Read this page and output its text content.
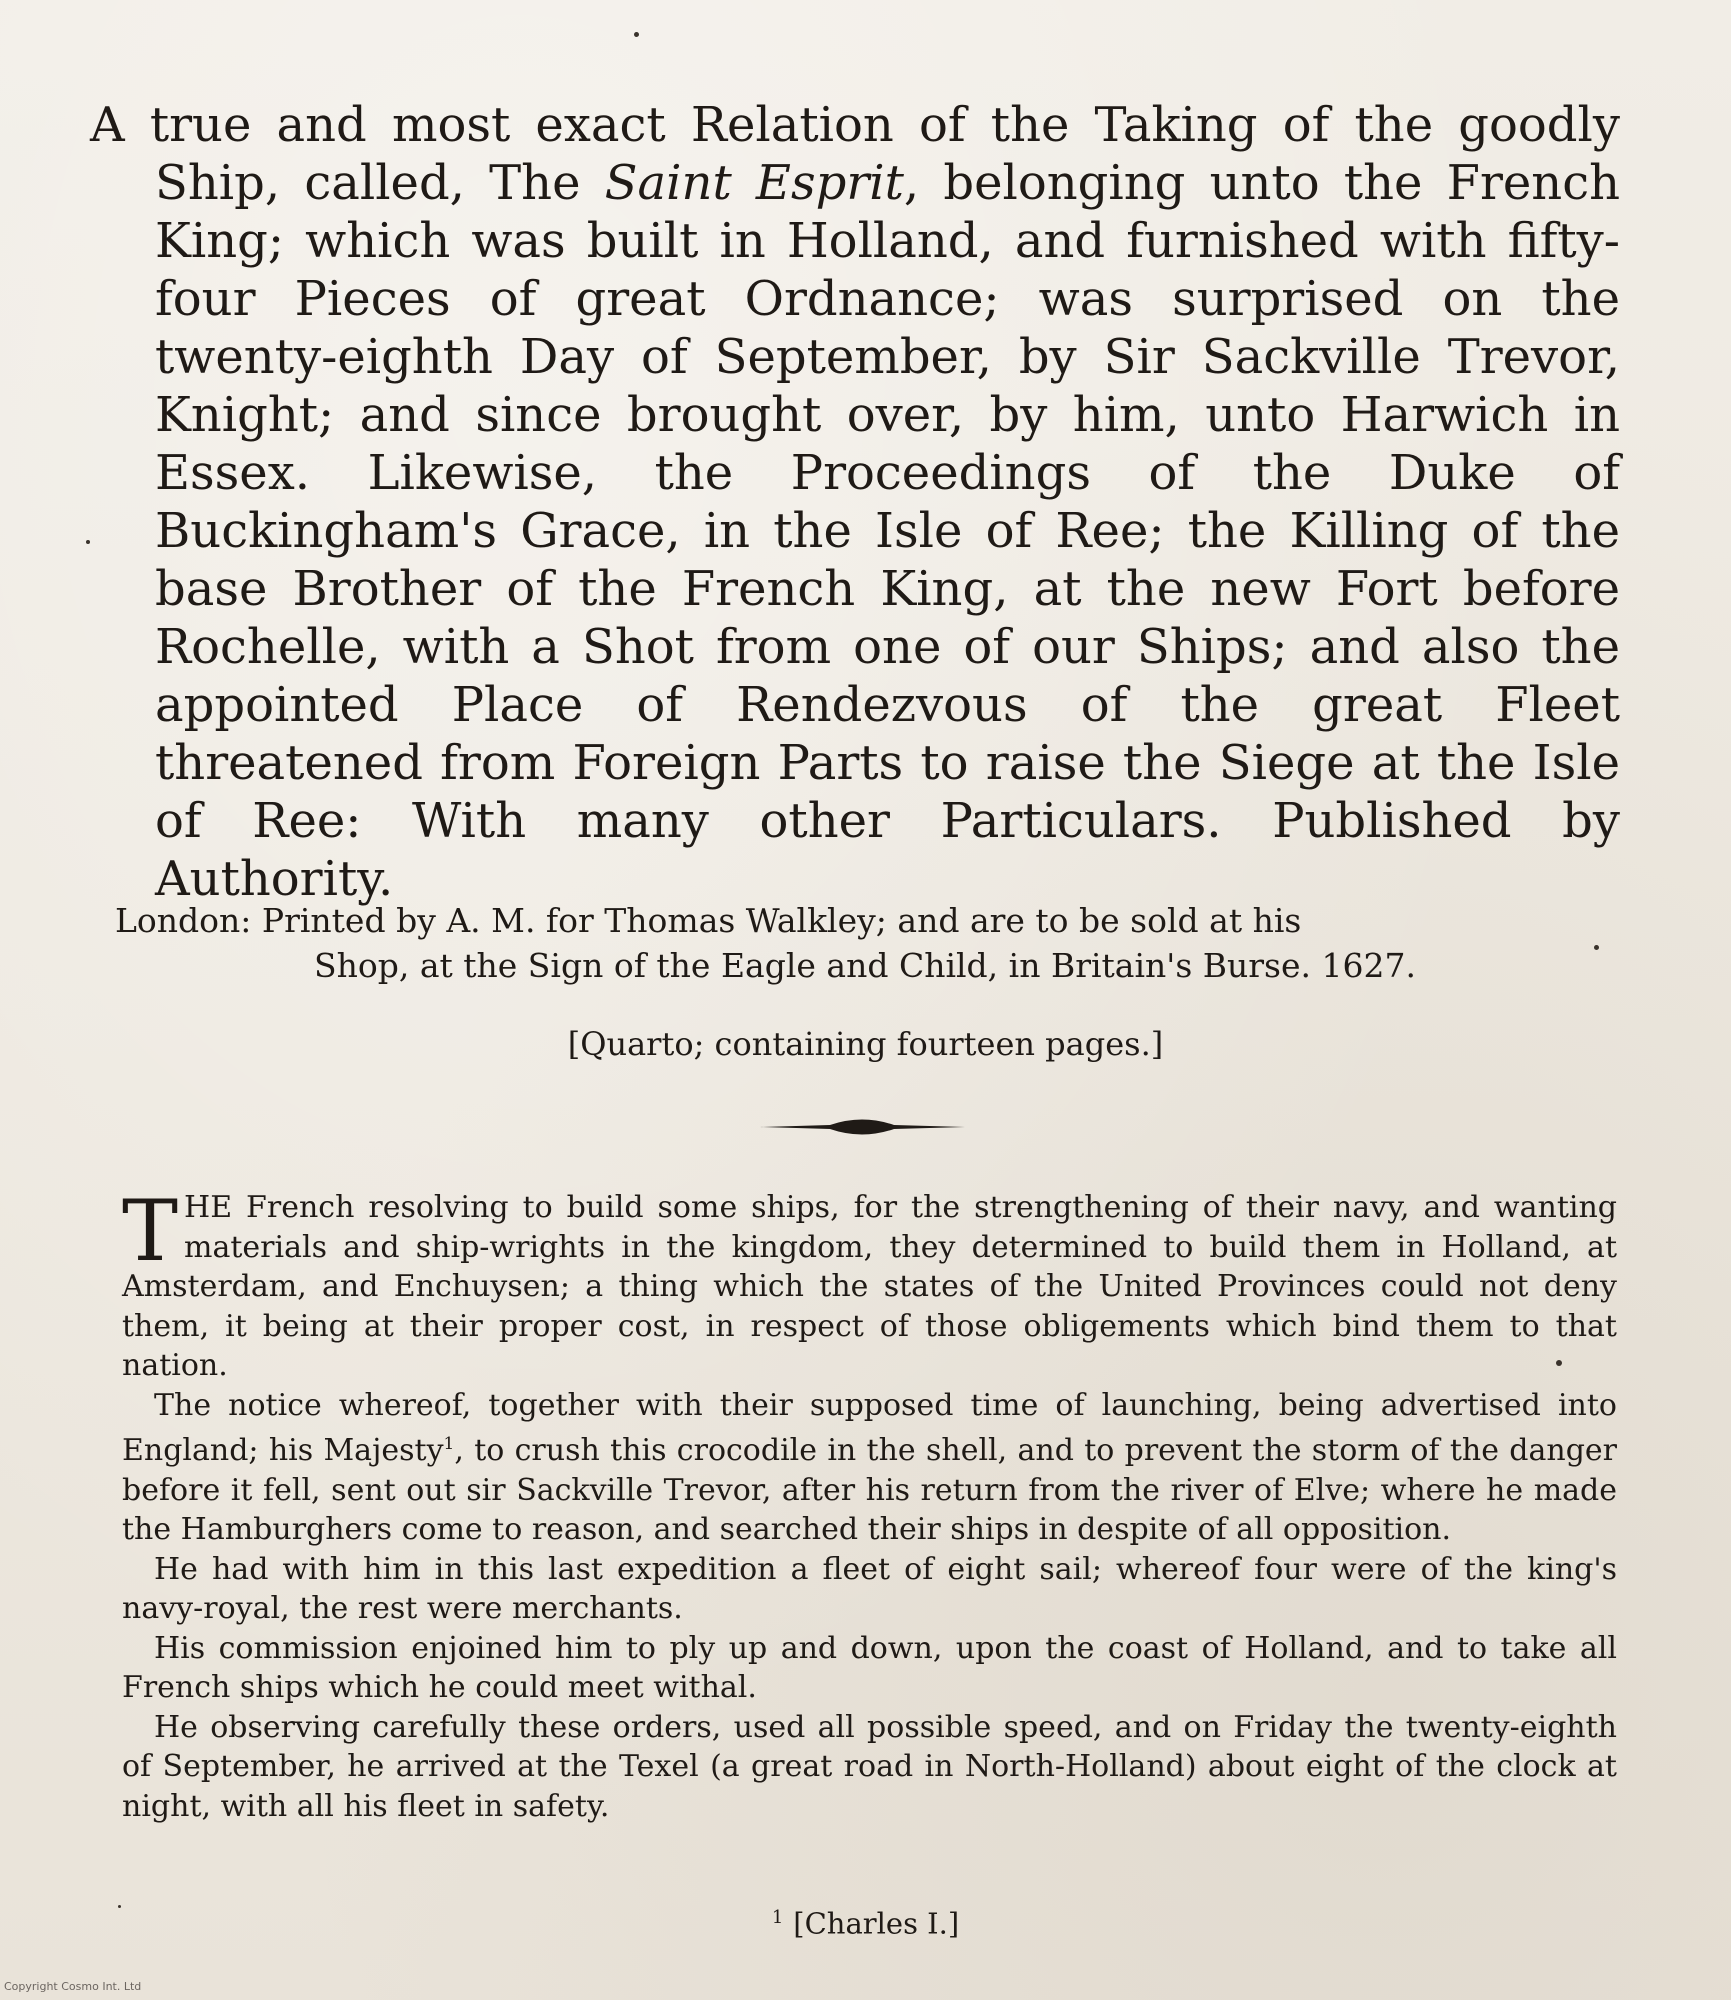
A true and most exact Relation of the Taking of the goodly Ship, called, The Saint Esprit, belonging unto the French King; which was built in Holland, and furnished with fifty-four Pieces of great Ordnance; was surprised on the twenty-eighth Day of September, by Sir Sackville Trevor, Knight; and since brought over, by him, unto Harwich in Essex. Likewise, the Proceedings of the Duke of Buckingham's Grace, in the Isle of Ree; the Killing of the base Brother of the French King, at the new Fort before Rochelle, with a Shot from one of our Ships; and also the appointed Place of Rendezvous of the great Fleet threatened from Foreign Parts to raise the Siege at the Isle of Ree: With many other Particulars. Published by Authority.
London: Printed by A. M. for Thomas Walkley; and are to be sold at his
Shop, at the Sign of the Eagle and Child, in Britain's Burse. 1627.
[Quarto; containing fourteen pages.]

THE French resolving to build some ships, for the strengthening of their navy, and wanting materials and ship-wrights in the kingdom, they determined to build them in Holland, at Amsterdam, and Enchuysen; a thing which the states of the United Provinces could not deny them, it being at their proper cost, in respect of those obligements which bind them to that nation.

The notice whereof, together with their supposed time of launching, being advertised into England; his Majesty$^1$, to crush this crocodile in the shell, and to prevent the storm of the danger before it fell, sent out sir Sackville Trevor, after his return from the river of Elve; where he made the Hamburghers come to reason, and searched their ships in despite of all opposition.

He had with him in this last expedition a fleet of eight sail; whereof four were of the king's navy-royal, the rest were merchants.

His commission enjoined him to ply up and down, upon the coast of Holland, and to take all French ships which he could meet withal.

He observing carefully these orders, used all possible speed, and on Friday the twenty-eighth of September, he arrived at the Texel (a great road in North-Holland) about eight of the clock at night, with all his fleet in safety.

$^1$ [Charles I.]
Copyright Cosmo Int. Ltd
